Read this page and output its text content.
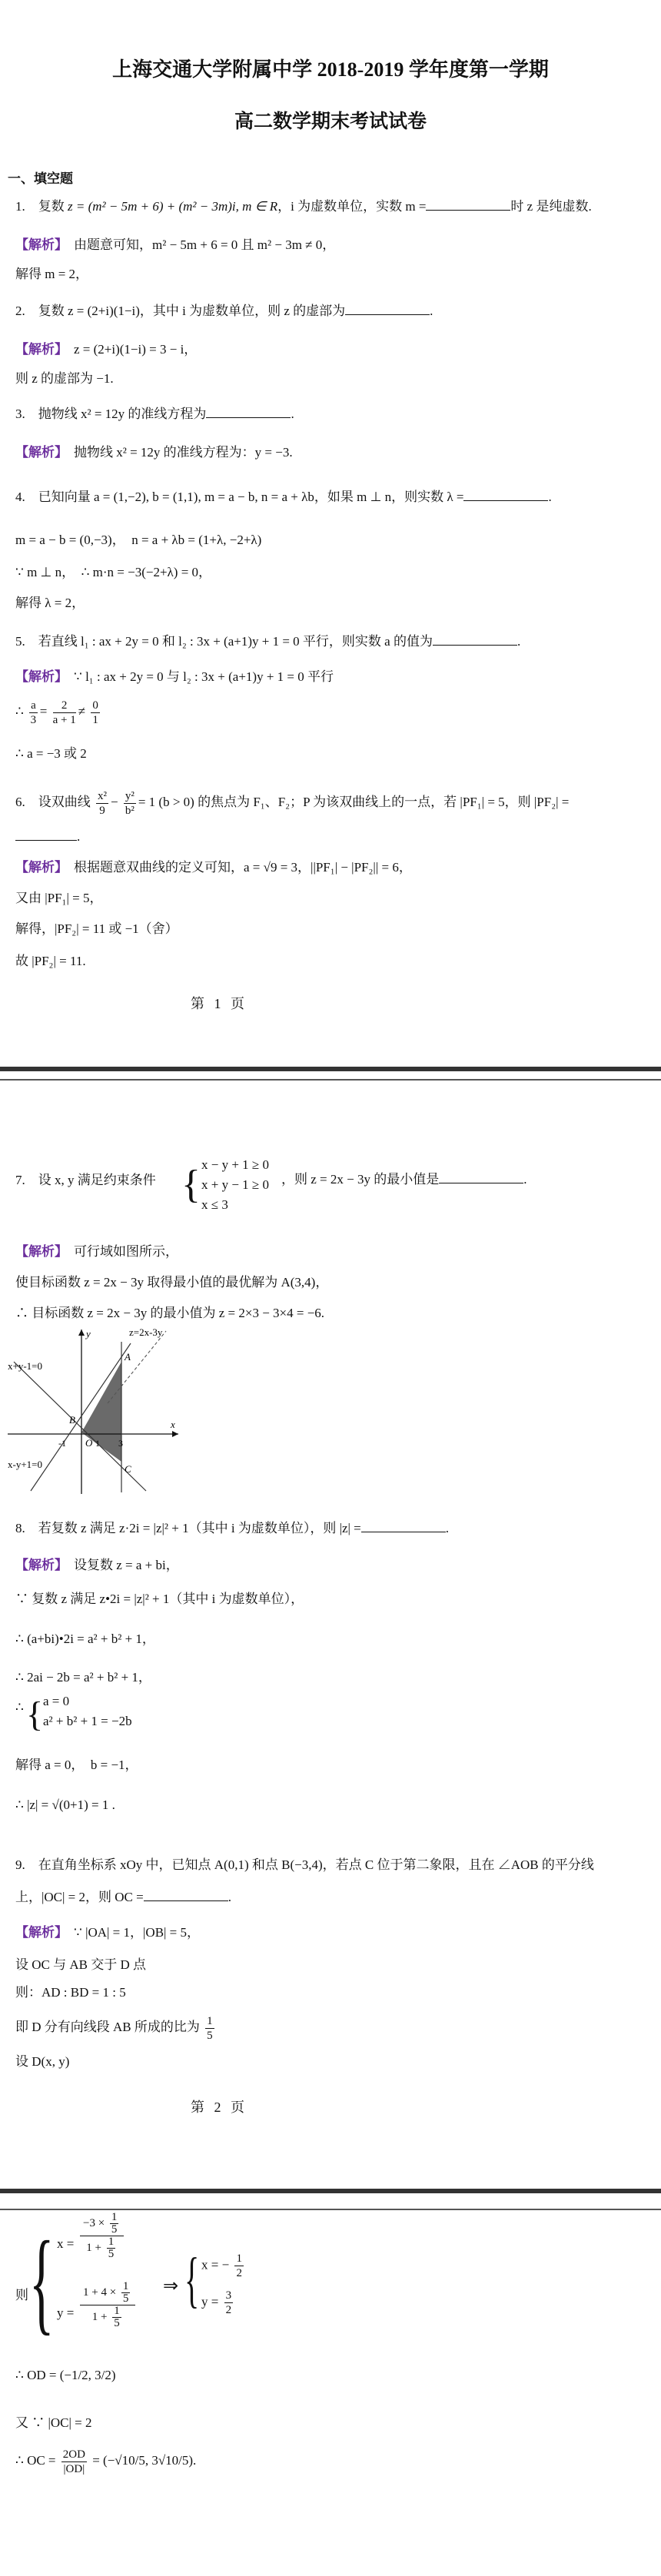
上海交通大学附属中学 2018-2019 学年度第一学期
高二数学期末考试试卷
一、填空题
1.　复数 z = (m² − 5m + 6) + (m² − 3m)i, m ∈ R，i 为虚数单位，实数 m =	时 z 是纯虚数.
【解析】 由题意可知，m² − 5m + 6 = 0 且 m² − 3m ≠ 0，
解得 m = 2，
2.　复数 z = (2+i)(1−i)，其中 i 为虚数单位，则 z 的虚部为	.
【解析】 z = (2+i)(1−i) = 3 − i，
则 z 的虚部为 −1.
3.　抛物线 x² = 12y 的准线方程为	.
【解析】 抛物线 x² = 12y 的准线方程为：y = −3.
4.　已知向量 a = (1,−2), b = (1,1), m = a − b, n = a + λb，如果 m ⊥ n，则实数 λ =	.
m = a − b = (0,−3)，　n = a + λb = (1+λ, −2+λ)
∵ m ⊥ n，　∴ m·n = −3(−2+λ) = 0，
解得 λ = 2，
5.　若直线 l₁ : ax + 2y = 0 和 l₂ : 3x + (a+1)y + 1 = 0 平行，则实数 a 的值为	.
【解析】 ∵ l₁ : ax + 2y = 0 与 l₂ : 3x + (a+1)y + 1 = 0 平行
∴ $\frac{a}{3} = \frac{2}{a + 1} \ne \frac{0}{1}$
∴ a = −3 或 2
6.　设双曲线 $\frac{\text{x²}}{9} - \frac{\text{y²}}{\text{b²}} = 1$ (b > 0) 的焦点为 F₁、F₂；P 为该双曲线上的一点，若 |PF₁| = 5，则 |PF₂| =
.
【解析】 根据题意双曲线的定义可知，a = √9 = 3，||PF₁| − |PF₂|| = 6，
又由 |PF₁| = 5，
解得，|PF₂| = 11 或 −1（舍）
故 |PF₂| = 11.
第 1 页
7.　设 x, y 满足约束条件 { x − y + 1 ≥ 0
x + y − 1 ≥ 0
x ≤ 3
，则 z = 2x − 3y 的最小值是	.
【解析】 可行域如图所示，
使目标函数 z = 2x − 3y 取得最小值的最优解为 A(3,4)，
∴ 目标函数 z = 2x − 3y 的最小值为 z = 2×3 − 3×4 = −6.
z=2x-3y
x+y-1=0
x-y+1=0
A
B
C
O
-1	1 3
x
y
8.　若复数 z 满足 z·2i = |z|² + 1（其中 i 为虚数单位），则 |z| =	.
【解析】 设复数 z = a + bi，
∵ 复数 z 满足 z•2i = |z|² + 1（其中 i 为虚数单位），
∴ (a+bi)•2i = a² + b² + 1，
∴ 2ai − 2b = a² + b² + 1，
∴ { a = 0
a² + b² + 1 = −2b
解得 a = 0，　b = −1，
∴ |z| = √(0+1) = 1 .
9.　在直角坐标系 xOy 中，已知点 A(0,1) 和点 B(−3,4)，若点 C 位于第二象限，且在 ∠AOB 的平分线
上，|OC| = 2，则 OC =	.
【解析】 ∵ |OA| = 1，|OB| = 5，
设 OC 与 AB 交于 D 点
则：AD : BD = 1 : 5
即 D 分有向线段 AB 所成的比为 $\frac{1}{5}$
设 D(x, y)
第 2 页
则 { x =
$-3 \times \frac{1}{5}$
$1 + \frac{1}{5}$
y =
$1 + 4 \times \frac{1}{5}$
$1 + \frac{1}{5}$
⇒ { x = − $\frac{1}{2}$
$y = \frac{3}{2}$
∴ OD = (−1/2, 3/2)
又 ∵ |OC| = 2
∴ OC = $\frac{2OD}{|OD|} = (-√10/5$, 3√10/5).
